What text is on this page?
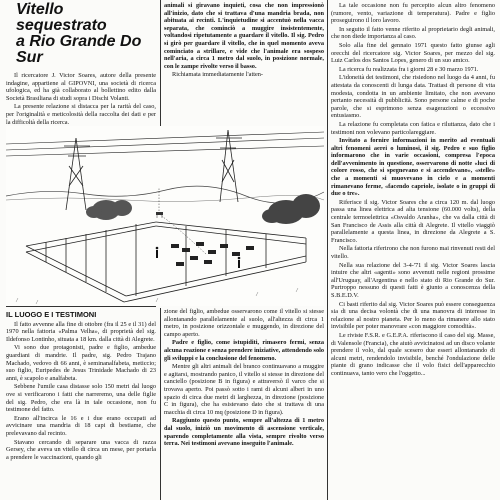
Vitello sequestrato
a Rio Grande Do Sur

Il ricercatore J. Victor Soares, autore della presente indagine, appartiene al GIPOVNI, una società di ricerca ufologica, ed ha già collaborato al bollettino edito dalla Società Brasiliana di studi sopra i Dischi Volanti.

La presente relazione si distacca per la rarità del caso, per l'originalità e meticolosità della raccolta dei dati e per la difficoltà della ricerca.

animali si giravano inquieti, cosa che non impressionò all'inizio, dato che si trattava d'una mandria brada, non abituata ai recinti. L'inquietudine si accentuò nella vacca separata, che cominciò a muggire insistentemente, voltandosi ripetutamente a guardare il vitello. Il sig. Pedro si girò per guardare il vitello, che in quel momento aveva cominciato a strillare, e vide che l'animale era sospeso nell'aria, a circa 1 metro dal suolo, in posizione normale, con le zampe rivolte verso il basso.

Richiamata immediatamente l'atten-

La tale occasione non fu percepito alcun altro fenomeno (rumore, vento, variazione di temperatura). Padre e figlio proseguirono il loro lavoro.

In seguito il fatto venne riferito al proprietario degli animali, che non diede importanza al caso.

Solo alla fine del gennaio 1971 questo fatto giunse agli orecchi del ricercatore sig. Victor Soares, per mezzo del sig. Luiz Carlos dos Santos Lopes, genero di un suo amico.

La ricerca fu realizzata fra i giorni 28 e 30 marzo 1971.

L'idoneità dei testimoni, che risiedono nel luogo da 4 anni, fu attestata da conoscenti di lunga data. Trattasi di persone di vita modesta, condotta in un ambiente limitato, che non avevano pertanto necessità di pubblicità. Sono persone calme e di poche parole, che si esprimono senza esagerazioni o eccessivo entusiasmo.

La relazione fu completata con fatica e riluttanza, dato che i testimoni non volevano particolareggiare.

Invitato a fornire informazioni in merito ad eventuali altri fenomeni aerei o luminosi, il sig. Pedro e suo figlio informarono che in varie occasioni, compresa l'epoca dell'avvenimento in questione, osservarono di notte «luci di colore rosso, che si spegnevano e si accendevano», «stelle» che a momenti si muovevano in cielo e a momenti rimanevano ferme, «facendo capriole, isolate o in gruppi di due o tre».

Riferisce il sig. Victor Soares che a circa 120 m. dal luogo passa una linea elettrica ad alta tensione (60.000 volts), della centrale termoelettrica «Osvaldo Aranha», che va dalla città di San Francisco de Assis alla città di Alegrete. Il vitello viaggiò parallelamente a questa linea, in direzione da Alegrete a S. Francisco.

Nella fattoria riferirono che non furono mai rinvenuti resti del vitello.

Nella sua relazione del 3-4-'71 il sig. Victor Soares lascia intuire che altri «agenti» sono avvenuti nelle regioni prossime all'Uruguay, all'Argentina e nello stato di Rio Grande do Sur. Purtroppo nessuno di questi fatti è giunto a conoscenza della S.B.E.D.V.

Ci basti riferito dal sig. Victor Soares può essere conseguenza sia di una decisa volontà che di una manovra di interesse in relazione al nostro pianeta. Per lo meno da rimanere allo stato invisibile per poter manovrare «con maggiore comodità».

Le riviste F.S.R. e G.E.P.A. riferiscono il caso del sig. Masse, di Valensole (Francia), che aiutò avvicinatosi ad un disco volante prendere il volo, dal quale scesero due esseri allontanando di alcuni metri, rendendolo invisibile, benché l'ondulazione delle piante di grano indicasse che il volo fisici dell'apparecchio continuava, tanto vero che l'oggetto...

IL LUOGO E I TESTIMONI

Il fatto avvenne alla fine di ottobre (fra il 25 e il 31) del 1970 nella fattoria «Palma Velha», di proprietà del sig. Ildefonso Lontinho, situata a 18 km. dalla città di Alegrete.

Vi sono due protagonisti, padre e figlio, ambedue guardiani di mandrie. Il padre, sig. Pedro Trajano Machado, vedovo di 66 anni, è seminanalfabeta, meticcio; suo figlio, Euripedes de Jesus Trinidade Machado di 23 anni, è scapolo e analfabeta.

Sebbene l'umile casa distasse solo 150 metri dal luogo ove si verificarono i fatti che narreremo, una delle figlie del sig. Pedro, che era là in tale occasione, non fu testimone del fatto.

Erano all'incirca le 16 e i due erano occupati ad avvicinare una mandria di 18 capi di bestiame, che prelevavano dal recinto.

Stavano cercando di separare una vacca di razza Gersey, che aveva un vitello di circa un mese, per portarla a prendere le vaccinazioni, quando gli

zione del figlio, ambedue osservarono come il vitello si stesse allontanando parallelamente al suolo, all'altezza di circa 1 metro, in posizione orizzontale e muggendo, in direzione del campo aperto.

Padre e figlio, come istupiditi, rimasero fermi, senza alcuna reazione e senza prendere iniziative, attendendo solo gli sviluppi e la conclusione del fenomeno.

Mentre gli altri animali del branco continuavano a muggire e agitarsi, mostrando panico, il vitello si stesse in direzione del canciello (posizione B in figura) e attraversò il varco che si trovava aperto. Poi passò sotto i rami di alcuni alberi in uno spazio di circa due metri di larghezza, in direzione (posizione C in figura), che ha esistevano dato che si trattava di una macchia di circa 10 mq (posizione D in figura).

Raggiunto questo punto, sempre all'altezza di 1 metro dal suolo, iniziò un movimento di ascensione verticale, sparendo completamente alla vista, sempre rivolto verso terra. Nei testimoni avevano inseguito l'animale.
